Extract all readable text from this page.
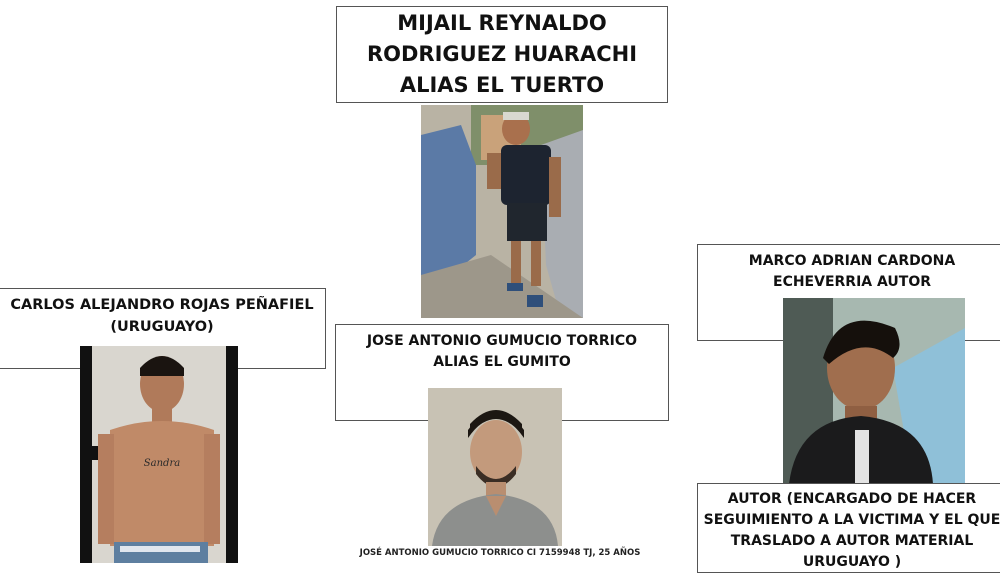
MIJAIL REYNALDO
RODRIGUEZ HUARACHI
ALIAS EL TUERTO
CARLOS ALEJANDRO ROJAS PEÑAFIEL
(URUGUAYO)
Sandra
JOSE ANTONIO GUMUCIO TORRICO
ALIAS EL GUMITO
JOSÉ ANTONIO GUMUCIO TORRICO CI 7159948 TJ, 25 AÑOS
MARCO ADRIAN CARDONA
ECHEVERRIA AUTOR
AUTOR (ENCARGADO DE HACER
SEGUIMIENTO A LA VICTIMA Y EL QUE
TRASLADO A AUTOR MATERIAL
URUGUAYO )
